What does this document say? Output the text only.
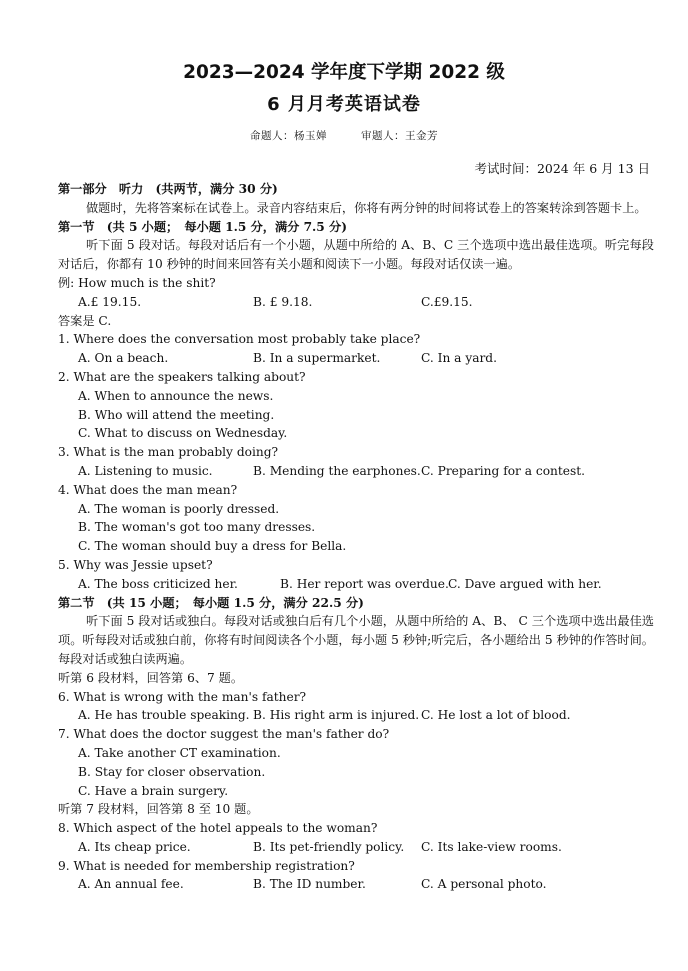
2023—2024 学年度下学期 2022 级
6 月月考英语试卷
命题人：杨玉婵	审题人：王金芳
考试时间：2024 年 6 月 13 日
第一部分　听力　(共两节，满分 30 分)
做题时，先将答案标在试卷上。录音内容结束后，你将有两分钟的时间将试卷上的答案转涂到答题卡上。
第一节　(共 5 小题；　每小题 1.5 分，满分 7.5 分)
听下面 5 段对话。每段对话后有一个小题，从题中所给的 A、B、C 三个选项中选出最佳选项。听完每段对话后，你都有 10 秒钟的时间来回答有关小题和阅读下一小题。每段对话仅读一遍。
例: How much is the shit?
A.£ 19.15.	B. £ 9.18.	C.£9.15.
答案是 C.
1. Where does the conversation most probably take place?
A. On a beach.	B. In a supermarket.	C. In a yard.
2. What are the speakers talking about?
A. When to announce the news.
B. Who will attend the meeting.
C. What to discuss on Wednesday.
3. What is the man probably doing?
A. Listening to music.	B. Mending the earphones. C. Preparing for a contest.
4. What does the man mean?
A. The woman is poorly dressed.
B. The woman's got too many dresses.
C. The woman should buy a dress for Bella.
5. Why was Jessie upset?
A. The boss criticized her.	B. Her report was overdue. C. Dave argued with her.
第二节　(共 15 小题；　每小题 1.5 分，满分 22.5 分)
听下面 5 段对话或独白。每段对话或独白后有几个小题，从题中所给的 A、B、 C 三个选项中选出最佳选项。听每段对话或独白前，你将有时间阅读各个小题，每小题 5 秒钟;听完后，各小题给出 5 秒钟的作答时间。每段对话或独白读两遍。
听第 6 段材料，回答第 6、7 题。
6. What is wrong with the man's father?
A. He has trouble speaking. B. His right arm is injured. C. He lost a lot of blood.
7. What does the doctor suggest the man's father do?
A. Take another CT examination.
B. Stay for closer observation.
C. Have a brain surgery.
听第 7 段材料，回答第 8 至 10 题。
8. Which aspect of the hotel appeals to the woman?
A. Its cheap price.	B. Its pet-friendly policy.	C. Its lake-view rooms.
9. What is needed for membership registration?
A. An annual fee.	B. The ID number.	C. A personal photo.
